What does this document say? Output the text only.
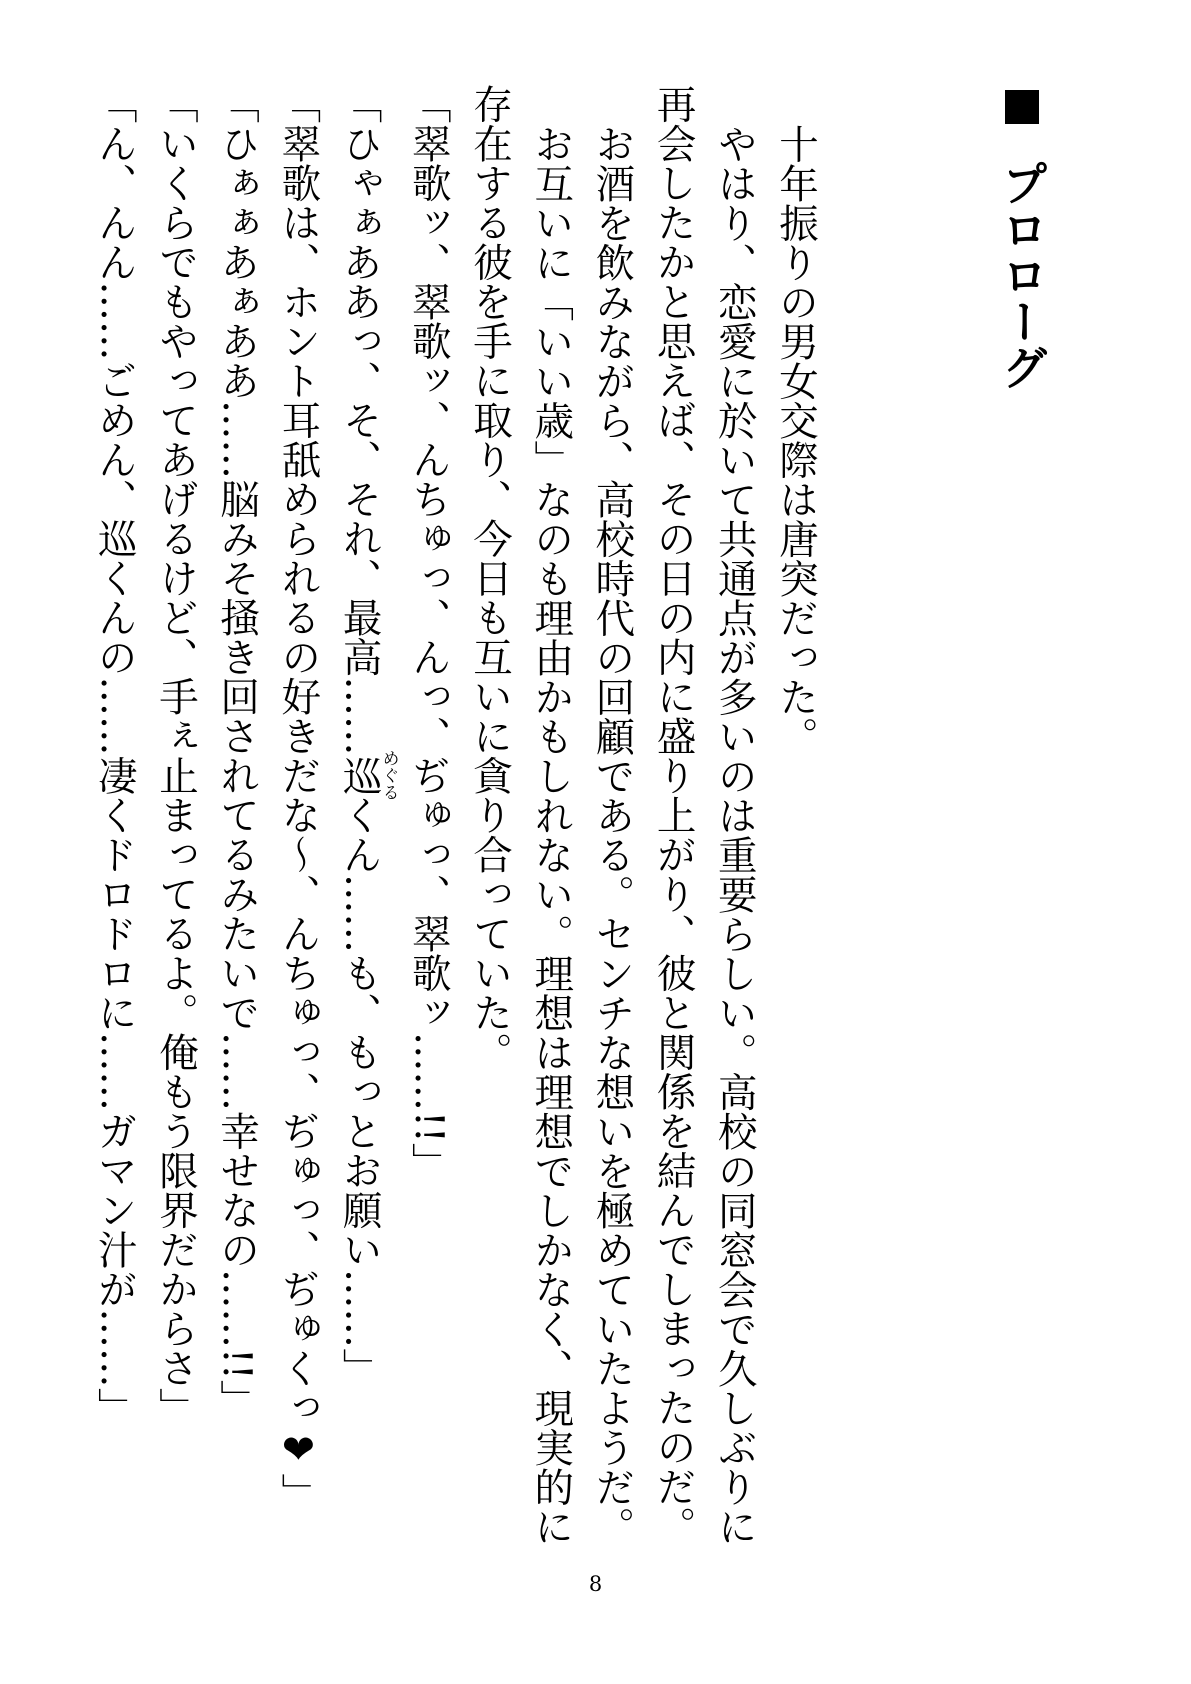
プロローグ

十年振りの男女交際は唐突だった。

やはり、恋愛に於いて共通点が多いのは重要らしい。高校の同窓会で久しぶりに

再会したかと思えば、その日の内に盛り上がり、彼と関係を結んでしまったのだ。

お酒を飲みながら、高校時代の回顧である。センチな想いを極めていたようだ。

お互いに「いい歳」なのも理由かもしれない。理想は理想でしかなく、現実的に

存在する彼を手に取り、今日も互いに貪り合っていた。

「翠歌ッ、翠歌ッ、んちゅっ、んっ、ぢゅっ、翠歌ッ……!!」

「ひゃぁああっ、そ、それ、最高……巡めぐるくん……も、もっとお願い……」

「翠歌は、ホント耳舐められるの好きだな〜、んちゅっ、ぢゅっ、ぢゅくっ❤」

「ひぁぁあぁああ……脳みそ掻き回されてるみたいで……幸せなの……!!」

「いくらでもやってあげるけど、手ぇ止まってるよ。俺もう限界だからさ」

「ん、んん……ごめん、巡くんの……凄くドロドロに……ガマン汁が……」

8
